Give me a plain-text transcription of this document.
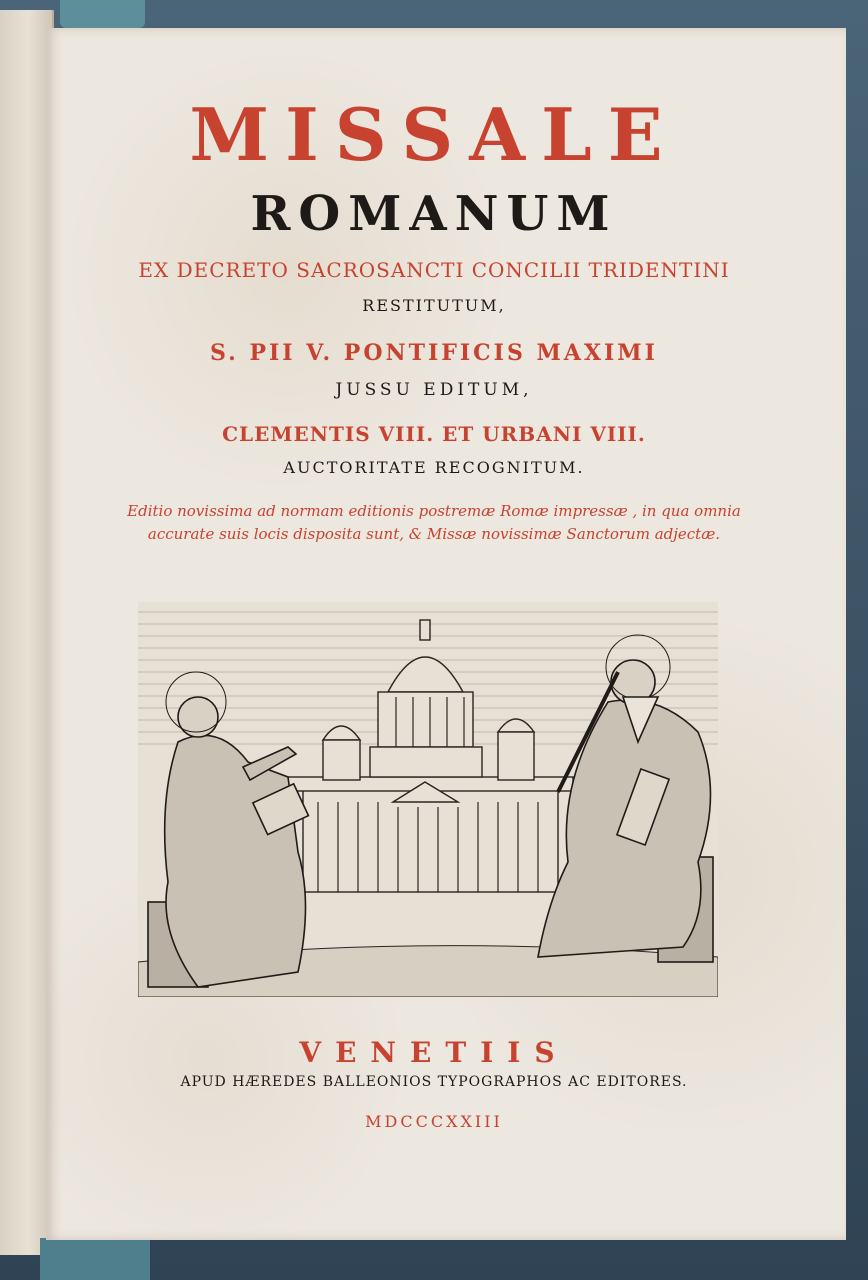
MISSALE
ROMANUM
EX DECRETO SACROSANCTI CONCILII TRIDENTINI
RESTITUTUM,
S. PII V. PONTIFICIS MAXIMI
JUSSU EDITUM,
CLEMENTIS VIII. ET URBANI VIII.
AUCTORITATE RECOGNITUM.
Editio novissima ad normam editionis postremæ Romæ impressæ , in qua omnia
accurate suis locis disposita sunt, & Missæ novissimæ Sanctorum adjectæ.
VENETIIS
APUD HÆREDES BALLEONIOS TYPOGRAPHOS AC EDITORES.
MDCCCXXIII
